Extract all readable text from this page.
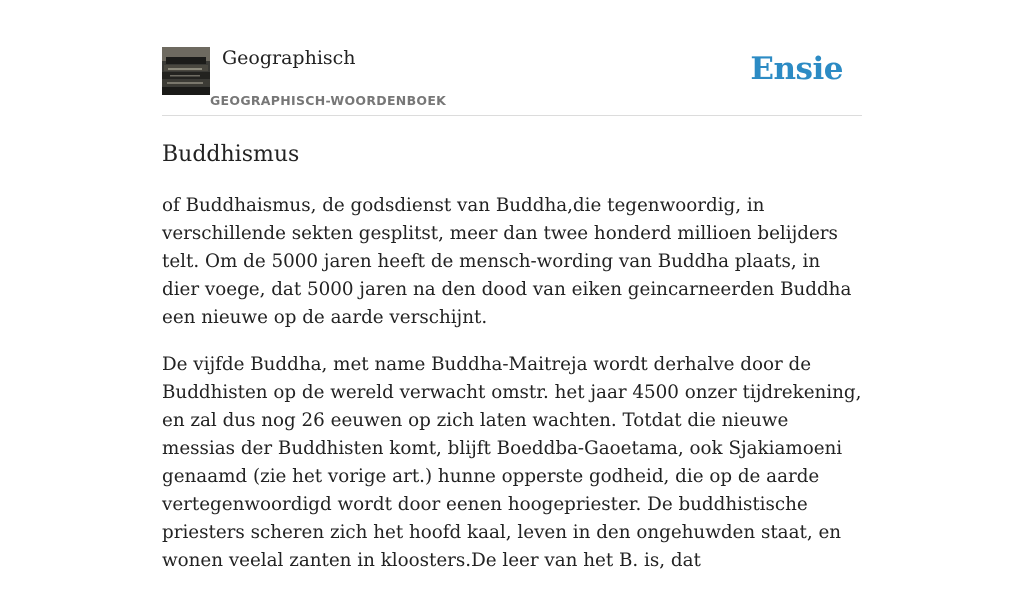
Geographisch
GEOGRAPHISCH-WOORDENBOEK
Ensie
Buddhismus

of Buddhaismus, de godsdienst van Buddha,die tegenwoordig, in verschillende sekten gesplitst, meer dan twee honderd millioen belijders telt. Om de 5000 jaren heeft de mensch-wording van Buddha plaats, in dier voege, dat 5000 jaren na den dood van eiken geincarneerden Buddha een nieuwe op de aarde verschijnt.

De vijfde Buddha, met name Buddha-Maitreja wordt derhalve door de Buddhisten op de wereld verwacht omstr. het jaar 4500 onzer tijdrekening, en zal dus nog 26 eeuwen op zich laten wachten. Totdat die nieuwe messias der Buddhisten komt, blijft Boeddba-Gaoetama, ook Sjakiamoeni genaamd (zie het vorige art.) hunne opperste godheid, die op de aarde vertegenwoordigd wordt door eenen hoogepriester. De buddhistische priesters scheren zich het hoofd kaal, leven in den ongehuwden staat, en wonen veelal zanten in kloosters.De leer van het B. is, dat
